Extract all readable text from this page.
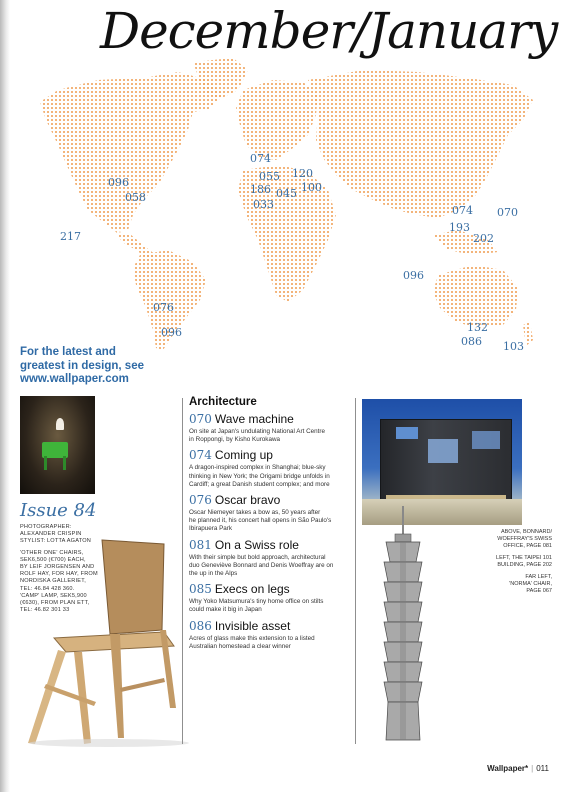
December/January
074
055 120
186 045 100
033
096
058
217
074 070
193
202
096
076
096	132
086 103
For the latest and
greatest in design, see
www.wallpaper.com
Issue 84
PHOTOGRAPHER:
ALEXANDER CRISPIN
STYLIST: LOTTA AGATON
'OTHER ONE' CHAIRS,
SEK6,500 (€700) EACH,
BY LEIF JORGENSEN AND
ROLF HAY, FOR HAY, FROM
NORDISKA GALLERIET,
TEL: 46.84 428 360.
'CAMP' LAMP, SEK5,900
(€630), FROM PLAN ETT,
TEL: 46.82 301 33
Architecture
070 Wave machine
On site at Japan's undulating National Art Centre
in Roppongi, by Kisho Kurokawa
074 Coming up
A dragon-inspired complex in Shanghai; blue-sky
thinking in New York; the Origami bridge unfolds in
Cardiff; a great Danish student complex; and more
076 Oscar bravo
Oscar Niemeyer takes a bow as, 50 years after
he planned it, his concert hall opens in São Paulo's
Ibirapuera Park
081 On a Swiss role
With their simple but bold approach, architectural
duo Geneviève Bonnard and Denis Woeffray are on
the up in the Alps
085 Execs on legs
Why Yoko Matsumura's tiny home office on stilts
could make it big in Japan
086 Invisible asset
Acres of glass make this extension to a listed
Australian homestead a clear winner
ABOVE, BONNARD/
WOEFFRAY'S SWISS
OFFICE, PAGE 081
LEFT, THE TAIPEI 101
BUILDING, PAGE 202
FAR LEFT,
'NORMA' CHAIR,
PAGE 067
Wallpaper* | 011
